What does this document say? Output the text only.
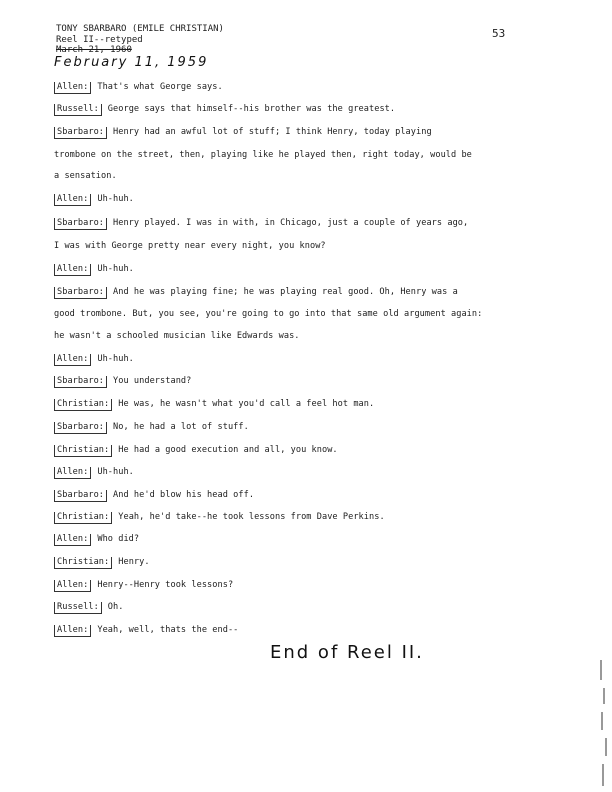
TONY SBARBARO (EMILE CHRISTIAN)
Reel II--retyped
March 21, 1960
February 11, 1959
53
Allen: That's what George says.
Russell: George says that himself--his brother was the greatest.
Sbarbaro: Henry had an awful lot of stuff; I think Henry, today playing
trombone on the street, then, playing like he played then, right today, would be
a sensation.
Allen: Uh-huh.
Sbarbaro: Henry played. I was in with, in Chicago, just a couple of years ago,
I was with George pretty near every night, you know?
Allen: Uh-huh.
Sbarbaro: And he was playing fine; he was playing real good. Oh, Henry was a
good trombone. But, you see, you're going to go into that same old argument again:
he wasn't a schooled musician like Edwards was.
Allen: Uh-huh.
Sbarbaro: You understand?
Christian: He was, he wasn't what you'd call a feel hot man.
Sbarbaro: No, he had a lot of stuff.
Christian: He had a good execution and all, you know.
Allen: Uh-huh.
Sbarbaro: And he'd blow his head off.
Christian: Yeah, he'd take--he took lessons from Dave Perkins.
Allen: Who did?
Christian: Henry.
Allen: Henry--Henry took lessons?
Russell: Oh.
Allen: Yeah, well, thats the end--
End of Reel II.
